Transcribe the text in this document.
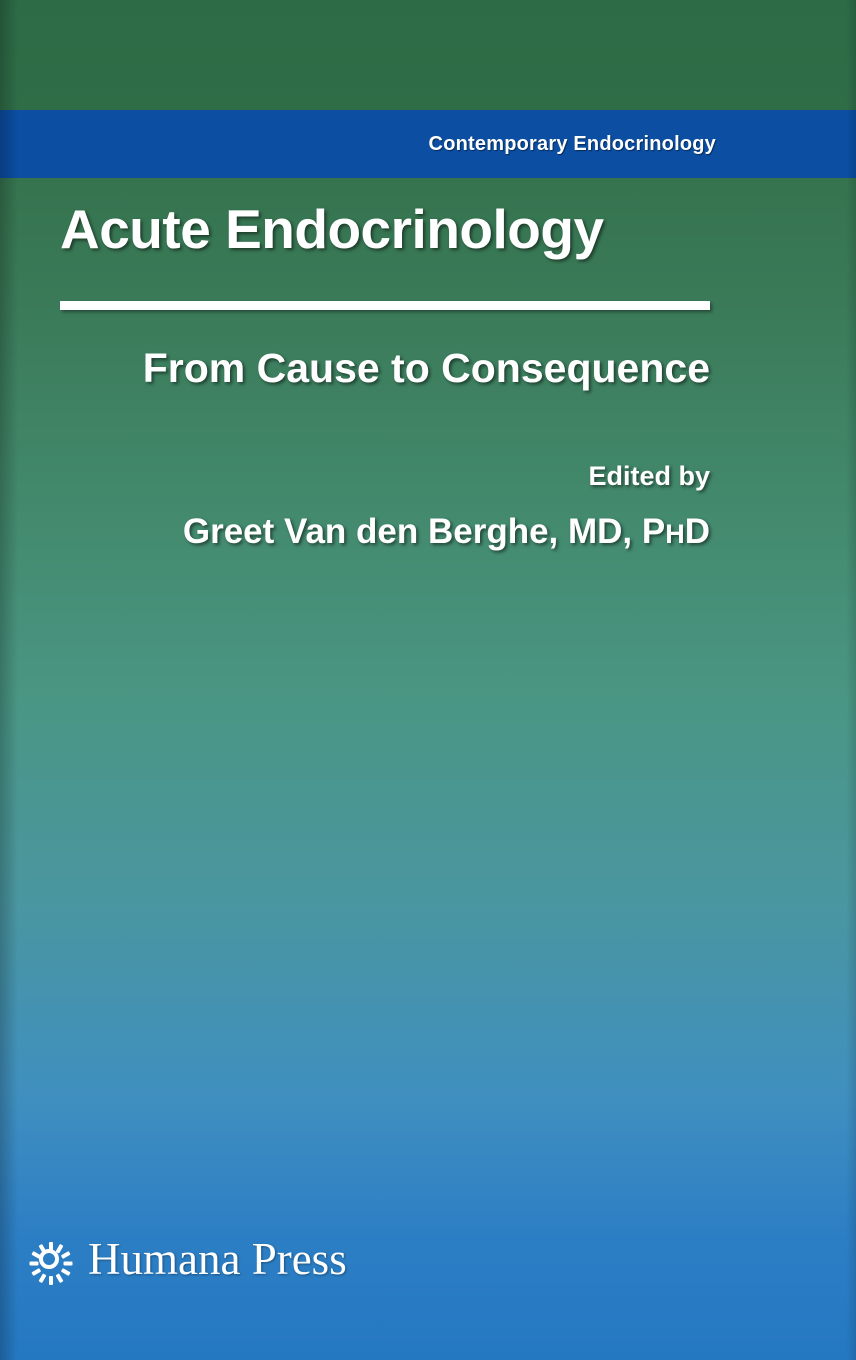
Contemporary Endocrinology
Acute Endocrinology
From Cause to Consequence
Edited by
Greet Van den Berghe, MD, PHD
Humana Press
